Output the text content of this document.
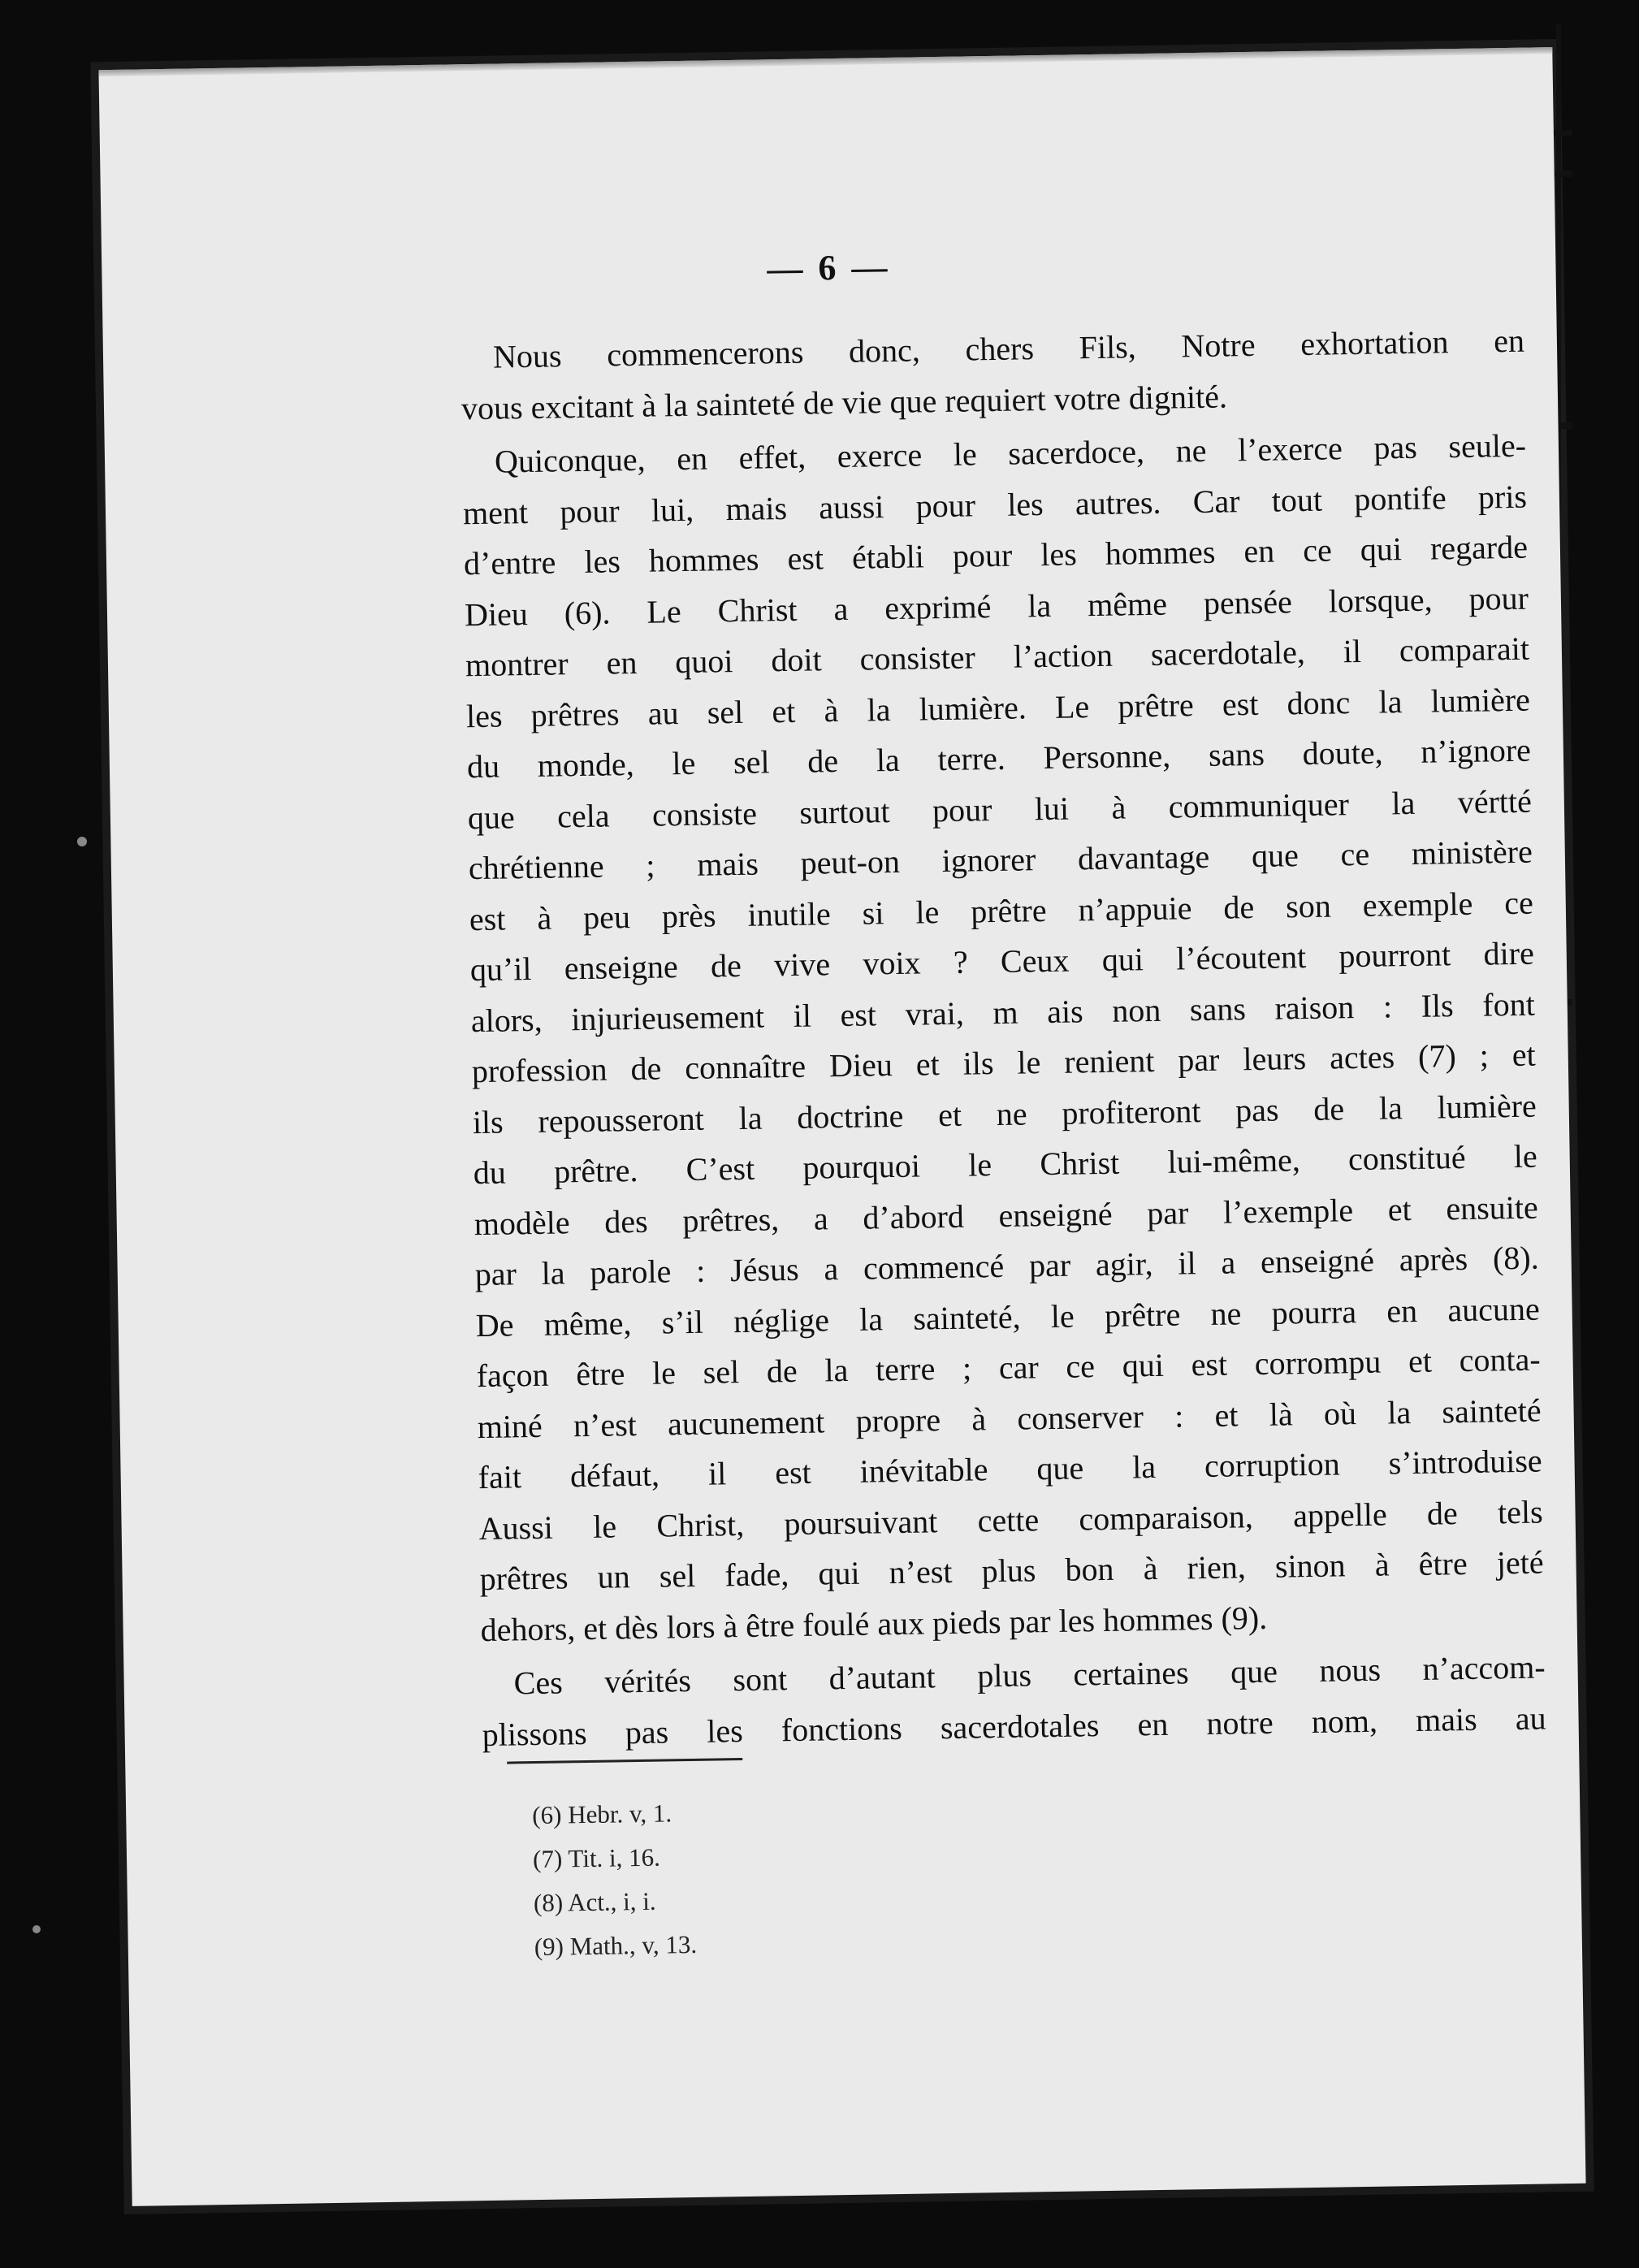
— 6 —

Nous commencerons donc, chers Fils, Notre exhortation en
vous excitant à la sainteté de vie que requiert votre dignité.

Quiconque, en effet, exerce le sacerdoce, ne l’exerce pas seule-
ment pour lui, mais aussi pour les autres. Car tout pontife pris
d’entre les hommes est établi pour les hommes en ce qui regarde
Dieu (6). Le Christ a exprimé la même pensée lorsque, pour
montrer en quoi doit consister l’action sacerdotale, il comparait
les prêtres au sel et à la lumière. Le prêtre est donc la lumière
du monde, le sel de la terre. Personne, sans doute, n’ignore
que cela consiste surtout pour lui à communiquer la vértté
chrétienne ; mais peut-on ignorer davantage que ce ministère
est à peu près inutile si le prêtre n’appuie de son exemple ce
qu’il enseigne de vive voix ? Ceux qui l’écoutent pourront dire
alors, injurieusement il est vrai, m ais non sans raison : Ils font
profession de connaître Dieu et ils le renient par leurs actes (7) ; et
ils repousseront la doctrine et ne profiteront pas de la lumière
du prêtre. C’est pourquoi le Christ lui-même, constitué le
modèle des prêtres, a d’abord enseigné par l’exemple et ensuite
par la parole : Jésus a commencé par agir, il a enseigné après (8).
De même, s’il néglige la sainteté, le prêtre ne pourra en aucune
façon être le sel de la terre ; car ce qui est corrompu et conta-
miné n’est aucunement propre à conserver : et là où la sainteté
fait défaut, il est inévitable que la corruption s’introduise
Aussi le Christ, poursuivant cette comparaison, appelle de tels
prêtres un sel fade, qui n’est plus bon à rien, sinon à être jeté
dehors, et dès lors à être foulé aux pieds par les hommes (9).

Ces vérités sont d’autant plus certaines que nous n’accom-
plissons pas les fonctions sacerdotales en notre nom, mais au

(6) Hebr. v, 1.
(7) Tit. i, 16.
(8) Act., i, i.
(9) Math., v, 13.
